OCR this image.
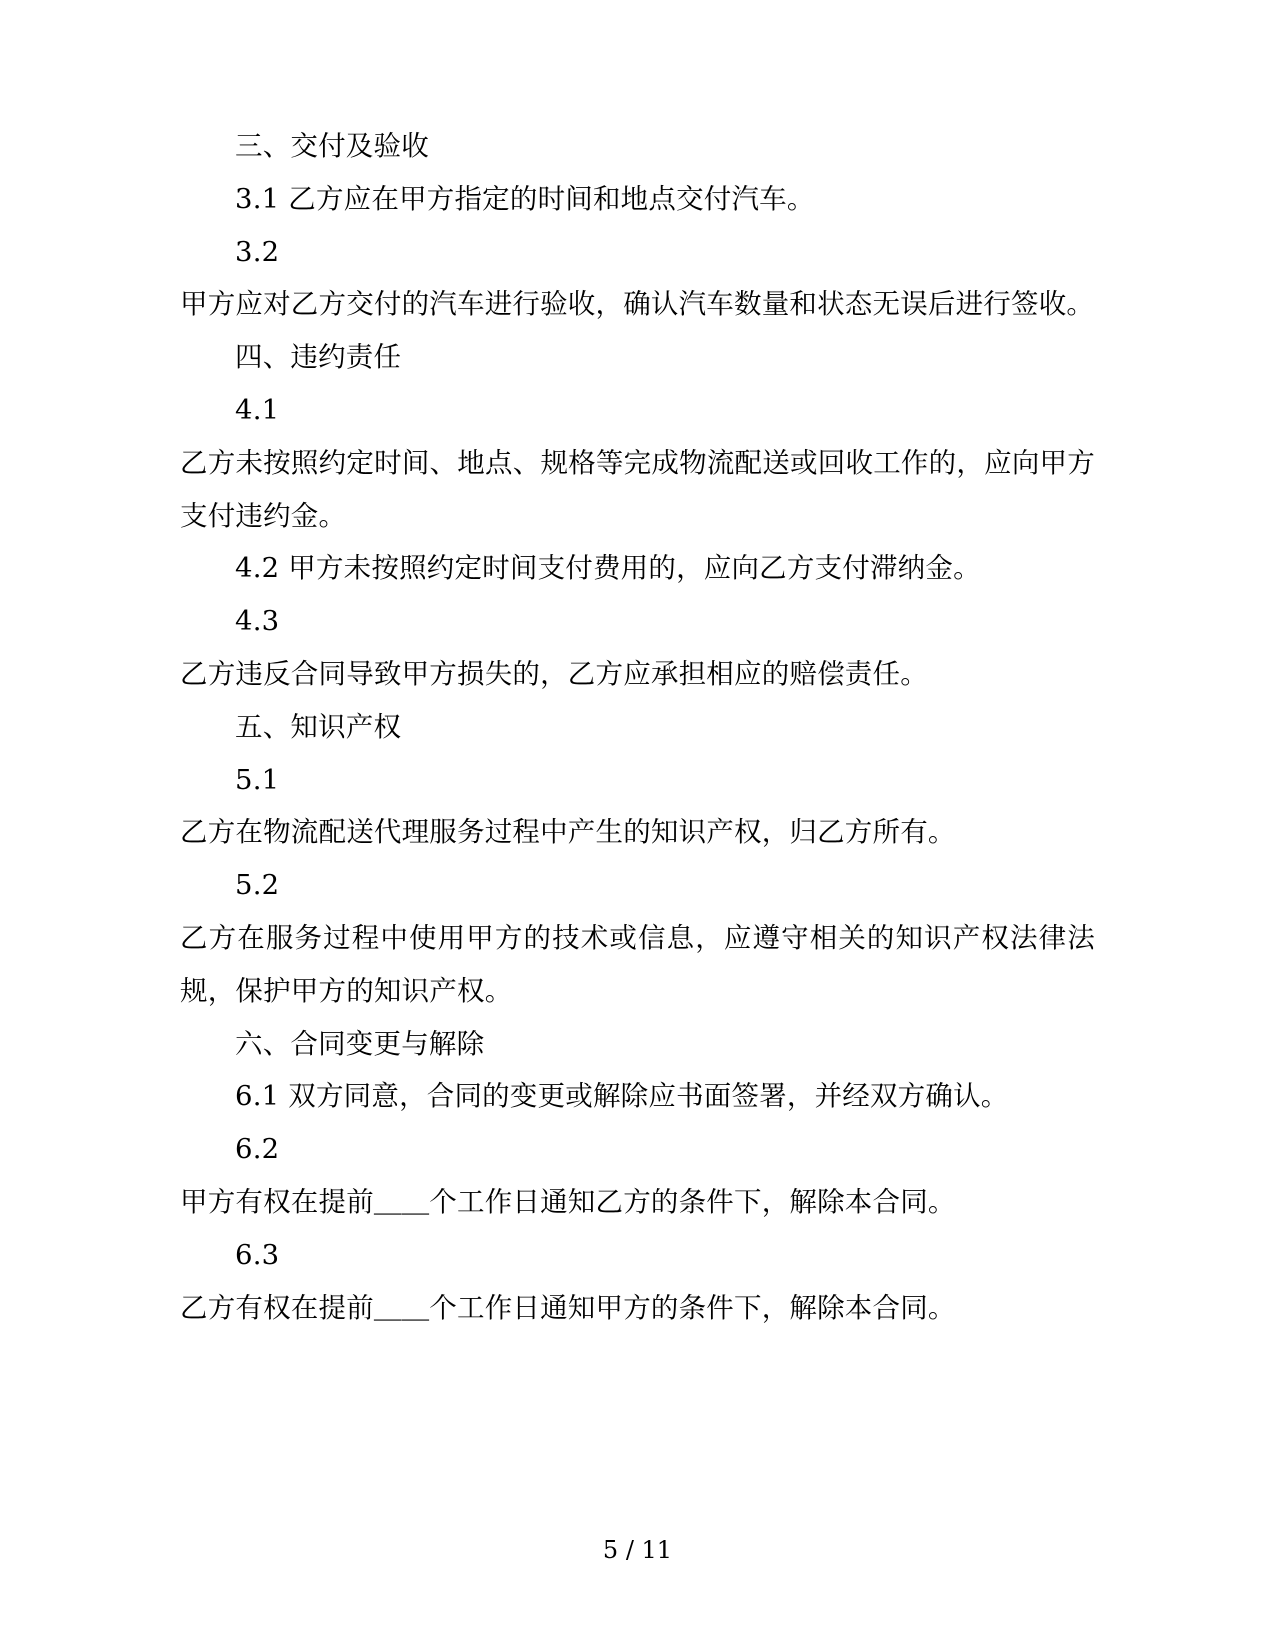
三、交付及验收

3.1 乙方应在甲方指定的时间和地点交付汽车。

3.2

甲方应对乙方交付的汽车进行验收，确认汽车数量和状态无误后进行签收。

四、违约责任

4.1

乙方未按照约定时间、地点、规格等完成物流配送或回收工作的，应向甲方支付违约金。

4.2 甲方未按照约定时间支付费用的，应向乙方支付滞纳金。

4.3

乙方违反合同导致甲方损失的，乙方应承担相应的赔偿责任。

五、知识产权

5.1

乙方在物流配送代理服务过程中产生的知识产权，归乙方所有。

5.2

乙方在服务过程中使用甲方的技术或信息，应遵守相关的知识产权法律法规，保护甲方的知识产权。

六、合同变更与解除

6.1 双方同意，合同的变更或解除应书面签署，并经双方确认。

6.2

甲方有权在提前＿＿个工作日通知乙方的条件下，解除本合同。

6.3

乙方有权在提前＿＿个工作日通知甲方的条件下，解除本合同。

5 / 11
